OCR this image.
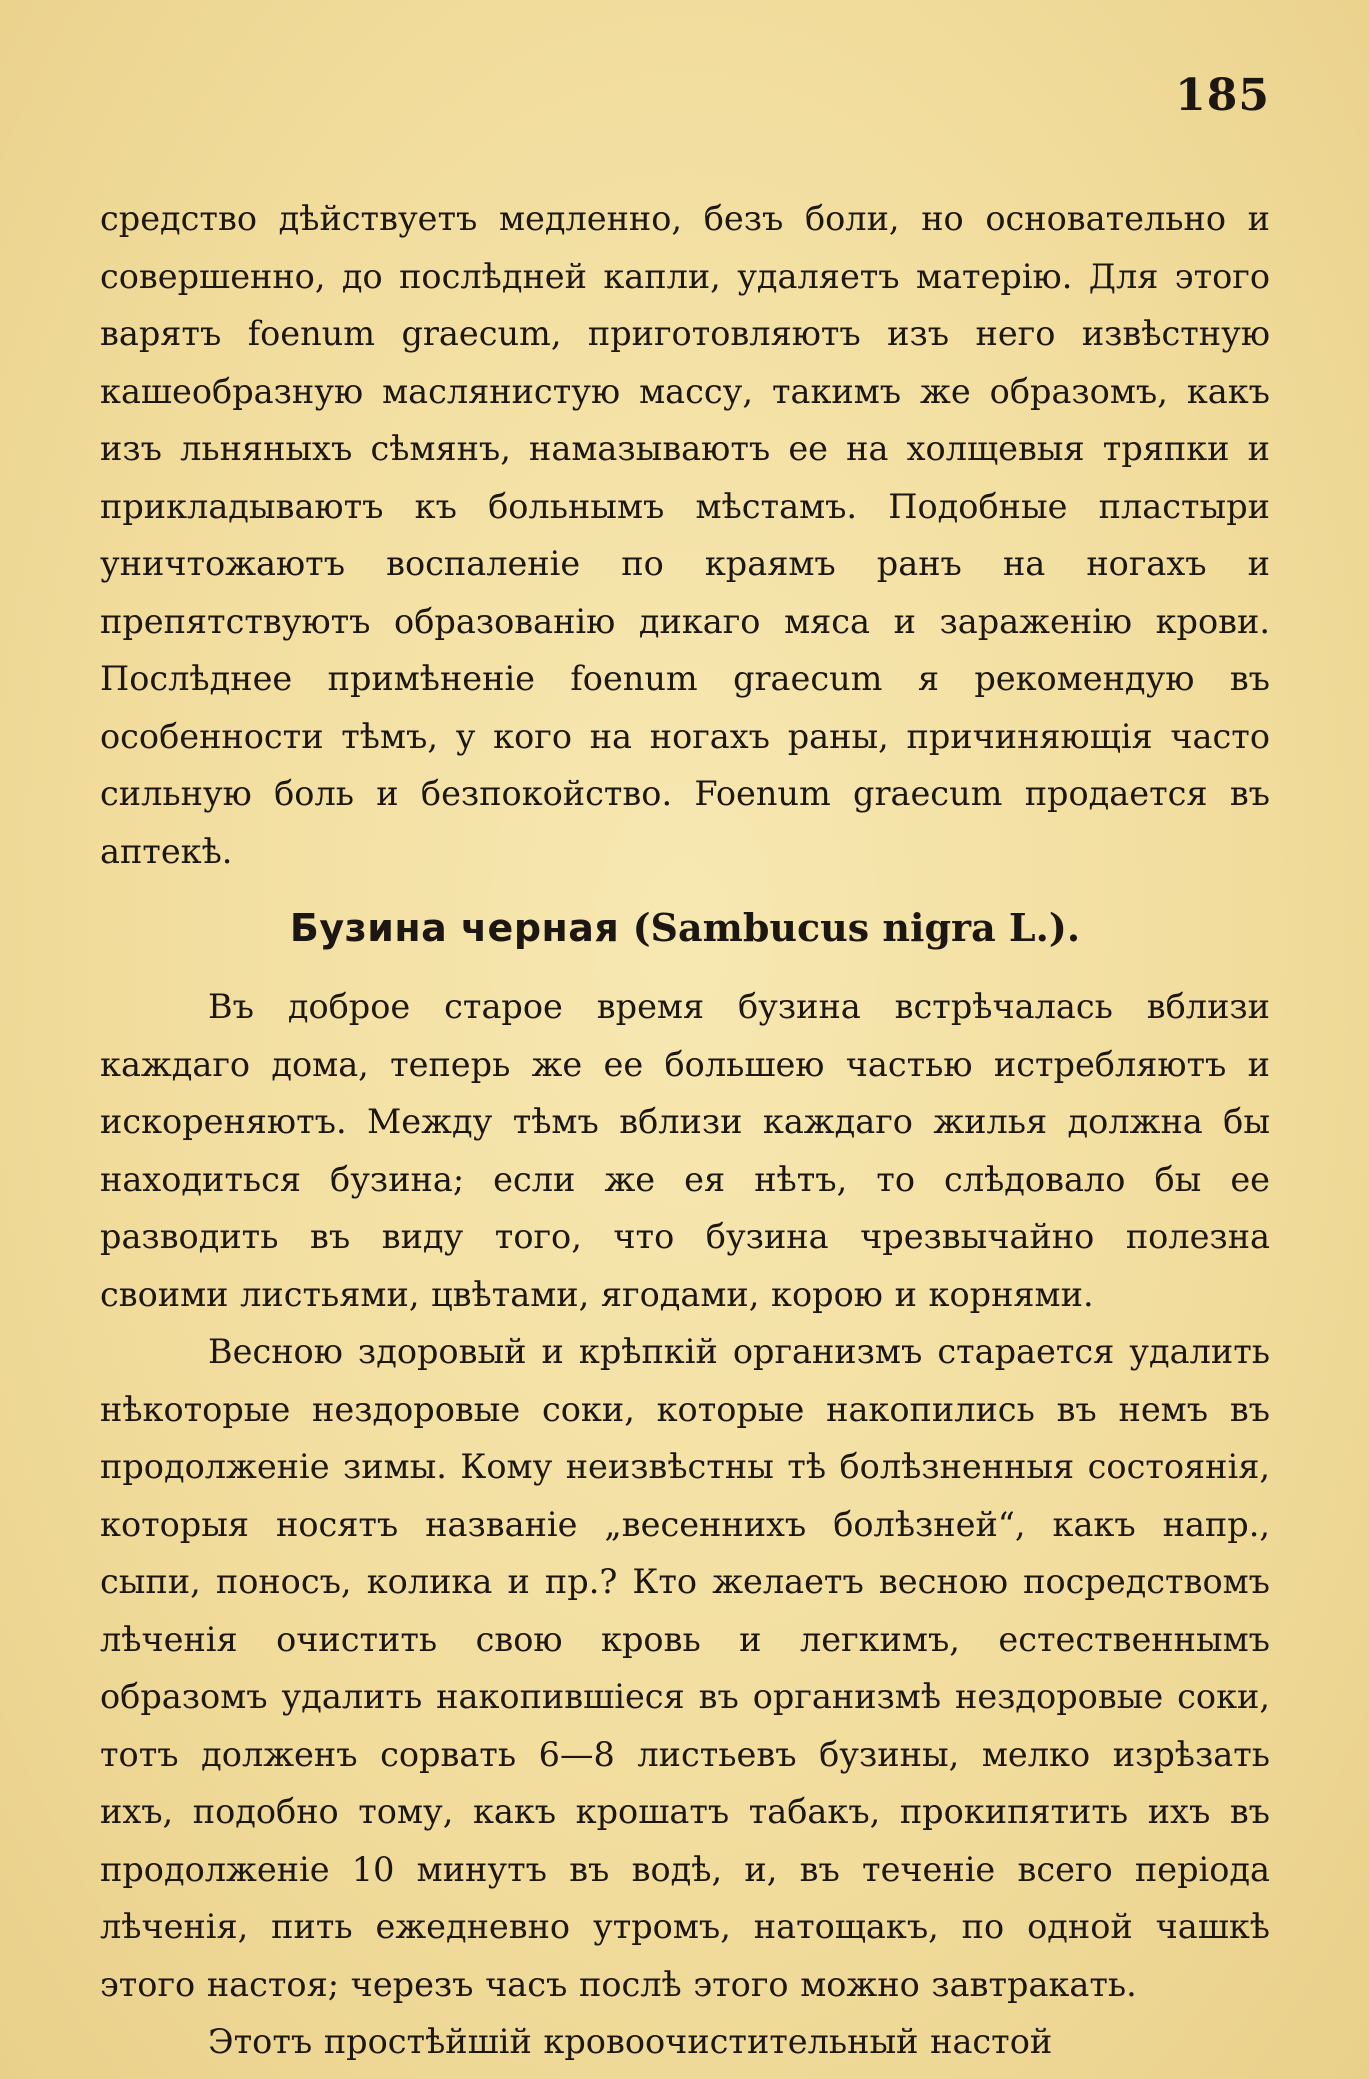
185

средство дѣйствуетъ медленно, безъ боли, но основательно и совершенно, до послѣдней капли, удаляетъ матерію. Для этого варятъ foenum graecum, приготовляютъ изъ него извѣстную кашеобразную маслянистую массу, такимъ же образомъ, какъ изъ льняныхъ сѣмянъ, намазываютъ ее на холщевыя тряпки и прикладываютъ къ больнымъ мѣстамъ. Подобные пластыри уничтожаютъ воспаленіе по краямъ ранъ на ногахъ и препятствуютъ образованію дикаго мяса и зараженію крови. Послѣднее примѣненіе foenum graecum я рекомендую въ особенности тѣмъ, у кого на ногахъ раны, причиняющія часто сильную боль и безпокойство. Foenum graecum продается въ аптекѣ.

Бузина черная (Sambucus nigra L.).

Въ доброе старое время бузина встрѣчалась вблизи каждаго дома, теперь же ее большею частью истребляютъ и искореняютъ. Между тѣмъ вблизи каждаго жилья должна бы находиться бузина; если же ея нѣтъ, то слѣдовало бы ее разводить въ виду того, что бузина чрезвычайно полезна своими листьями, цвѣтами, ягодами, корою и корнями.

Весною здоровый и крѣпкій организмъ старается удалить нѣкоторые нездоровые соки, которые накопились въ немъ въ продолженіе зимы. Кому неизвѣстны тѣ болѣзненныя состоянія, которыя носятъ названіе „весеннихъ болѣзней“, какъ напр., сыпи, поносъ, колика и пр.? Кто желаетъ весною посредствомъ лѣченія очистить свою кровь и легкимъ, естественнымъ образомъ удалить накопившіеся въ организмѣ нездоровые соки, тотъ долженъ сорвать 6—8 листьевъ бузины, мелко изрѣзать ихъ, подобно тому, какъ крошатъ табакъ, прокипятить ихъ въ продолженіе 10 минутъ въ водѣ, и, въ теченіе всего періода лѣченія, пить ежедневно утромъ, натощакъ, по одной чашкѣ этого настоя; черезъ часъ послѣ этого можно завтракать.

Этотъ простѣйшій кровоочистительный настой
